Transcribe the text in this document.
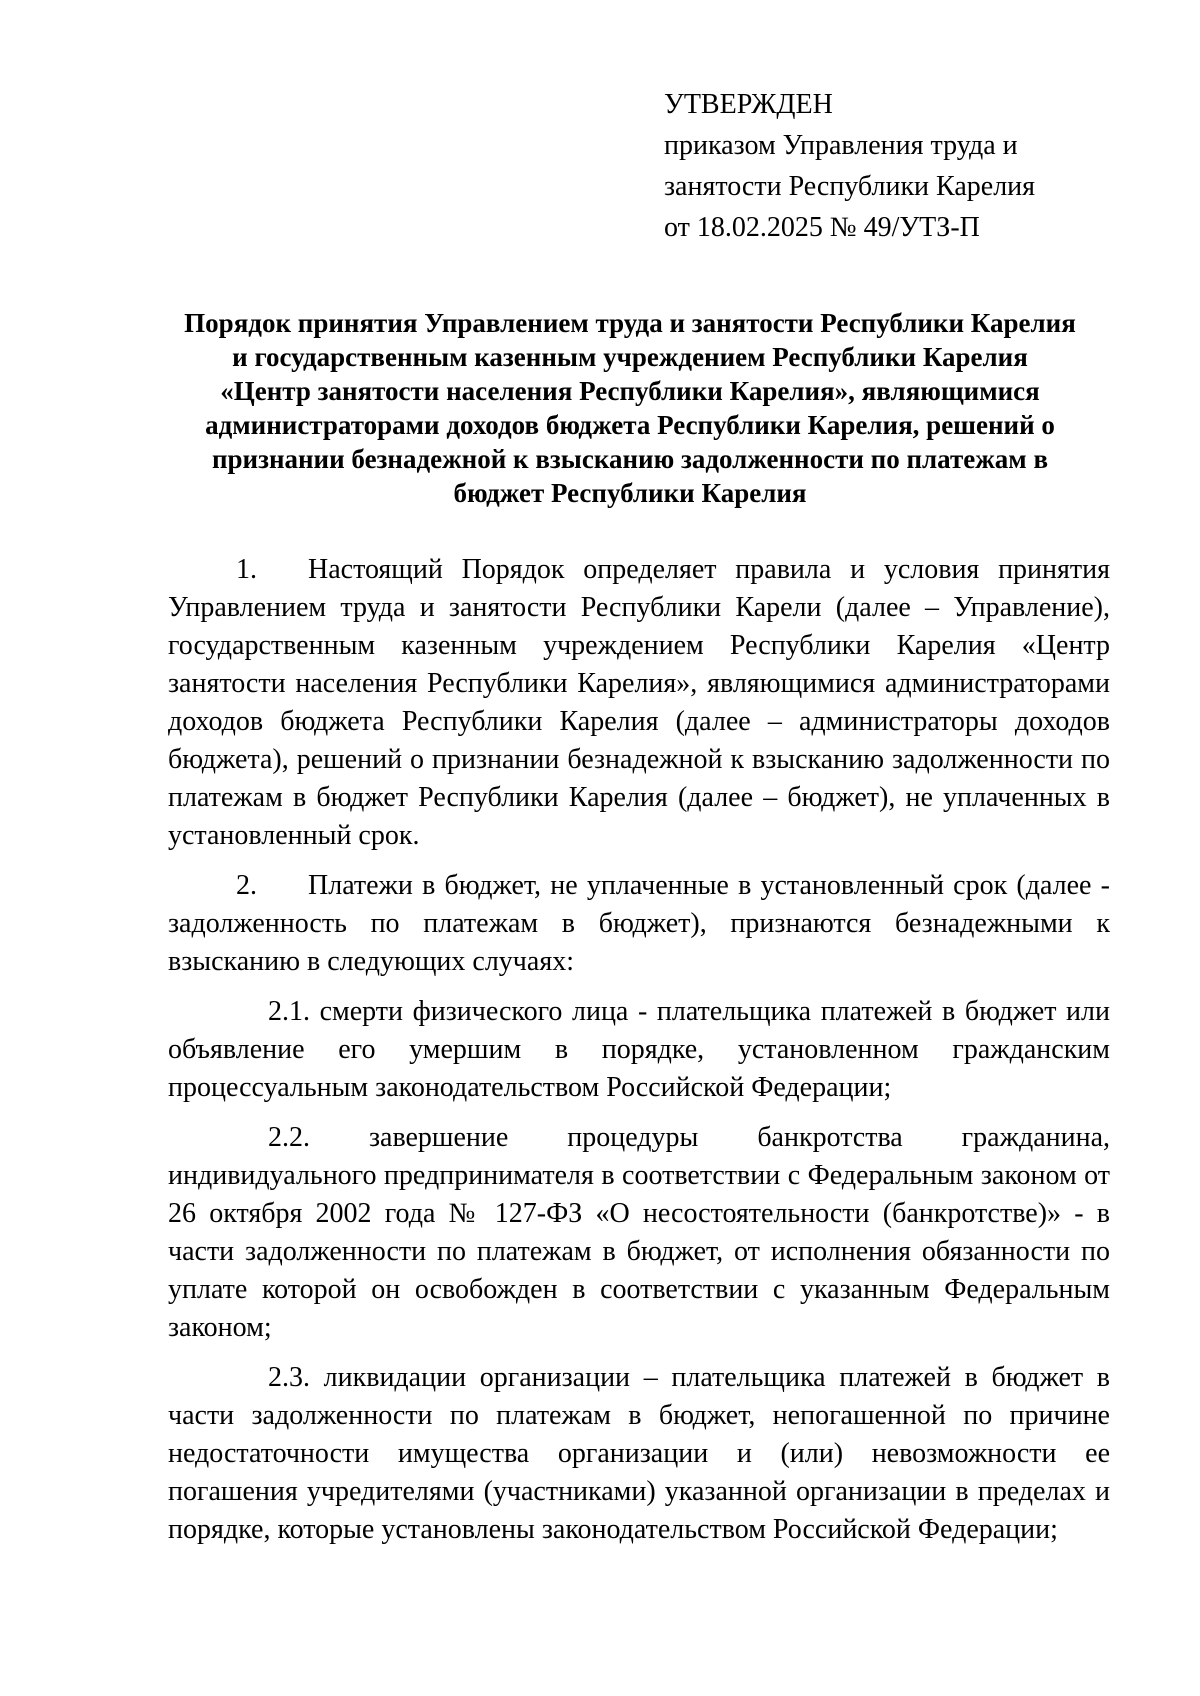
УТВЕРЖДЕН
приказом Управления труда и
занятости Республики Карелия
от 18.02.2025 № 49/УТЗ-П
Порядок принятия Управлением труда и занятости Республики Карелия
и государственным казенным учреждением Республики Карелия
«Центр занятости населения Республики Карелия», являющимися
администраторами доходов бюджета Республики Карелия, решений о
признании безнадежной к взысканию задолженности по платежам в
бюджет Республики Карелия

1. Настоящий Порядок определяет правила и условия принятия Управлением труда и занятости Республики Карели (далее – Управление), государственным казенным учреждением Республики Карелия «Центр занятости населения Республики Карелия», являющимися администраторами доходов бюджета Республики Карелия (далее – администраторы доходов бюджета), решений о признании безнадежной к взысканию задолженности по платежам в бюджет Республики Карелия (далее – бюджет), не уплаченных в установленный срок.

2. Платежи в бюджет, не уплаченные в установленный срок (далее - задолженность по платежам в бюджет), признаются безнадежными к взысканию в следующих случаях:

2.1. смерти физического лица - плательщика платежей в бюджет или объявление его умершим в порядке, установленном гражданским процессуальным законодательством Российской Федерации;

2.2. завершение процедуры банкротства гражданина, индивидуального предпринимателя в соответствии с Федеральным законом от 26 октября 2002 года № 127-ФЗ «О несостоятельности (банкротстве)» - в части задолженности по платежам в бюджет, от исполнения обязанности по уплате которой он освобожден в соответствии с указанным Федеральным законом;

2.3. ликвидации организации – плательщика платежей в бюджет в части задолженности по платежам в бюджет, непогашенной по причине недостаточности имущества организации и (или) невозможности ее погашения учредителями (участниками) указанной организации в пределах и порядке, которые установлены законодательством Российской Федерации;
